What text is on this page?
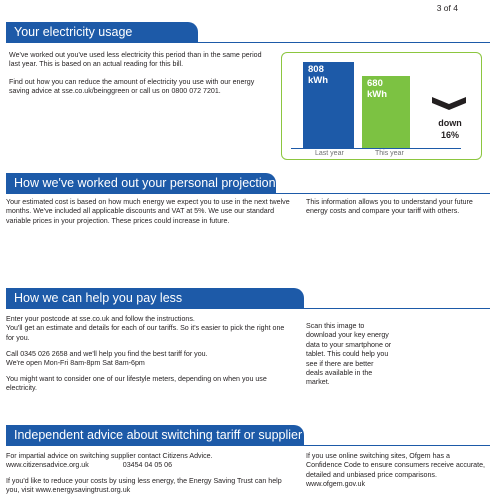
3 of 4
Your electricity usage
We've worked out you've used less electricity this period than in the same period last year. This is based on an actual reading for this bill.
Find out how you can reduce the amount of electricity you use with our energy saving advice at sse.co.uk/beinggreen or call us on 0800 072 7201.
808
kWh	680
kWh
Last year	This year
down
16%
How we've worked out your personal projection
Your estimated cost is based on how much energy we expect you to use in the next twelve months. We've included all applicable discounts and VAT at 5%. We use our standard variable prices in your projection. These prices could increase in future.
This information allows you to understand your future energy costs and compare your tariff with others.
How we can help you pay less
Enter your postcode at sse.co.uk and follow the instructions.
You'll get an estimate and details for each of our tariffs. So it's easier to pick the right one for you.
Call 0345 026 2658 and we'll help you find the best tariff for you.
We're open Mon-Fri 8am-8pm Sat 8am-6pm
You might want to consider one of our lifestyle meters, depending on when you use electricity.
Scan this image to download your key energy data to your smartphone or tablet. This could help you see if there are better deals available in the market.
Independent advice about switching tariff or supplier
For impartial advice on switching supplier contact Citizens Advice.
www.citizensadvice.org.uk	03454 04 05 06
If you'd like to reduce your costs by using less energy, the Energy Saving Trust can help you, visit www.energysavingtrust.org.uk
If you use online switching sites, Ofgem has a Confidence Code to ensure consumers receive accurate, detailed and unbiased price comparisons. www.ofgem.gov.uk
